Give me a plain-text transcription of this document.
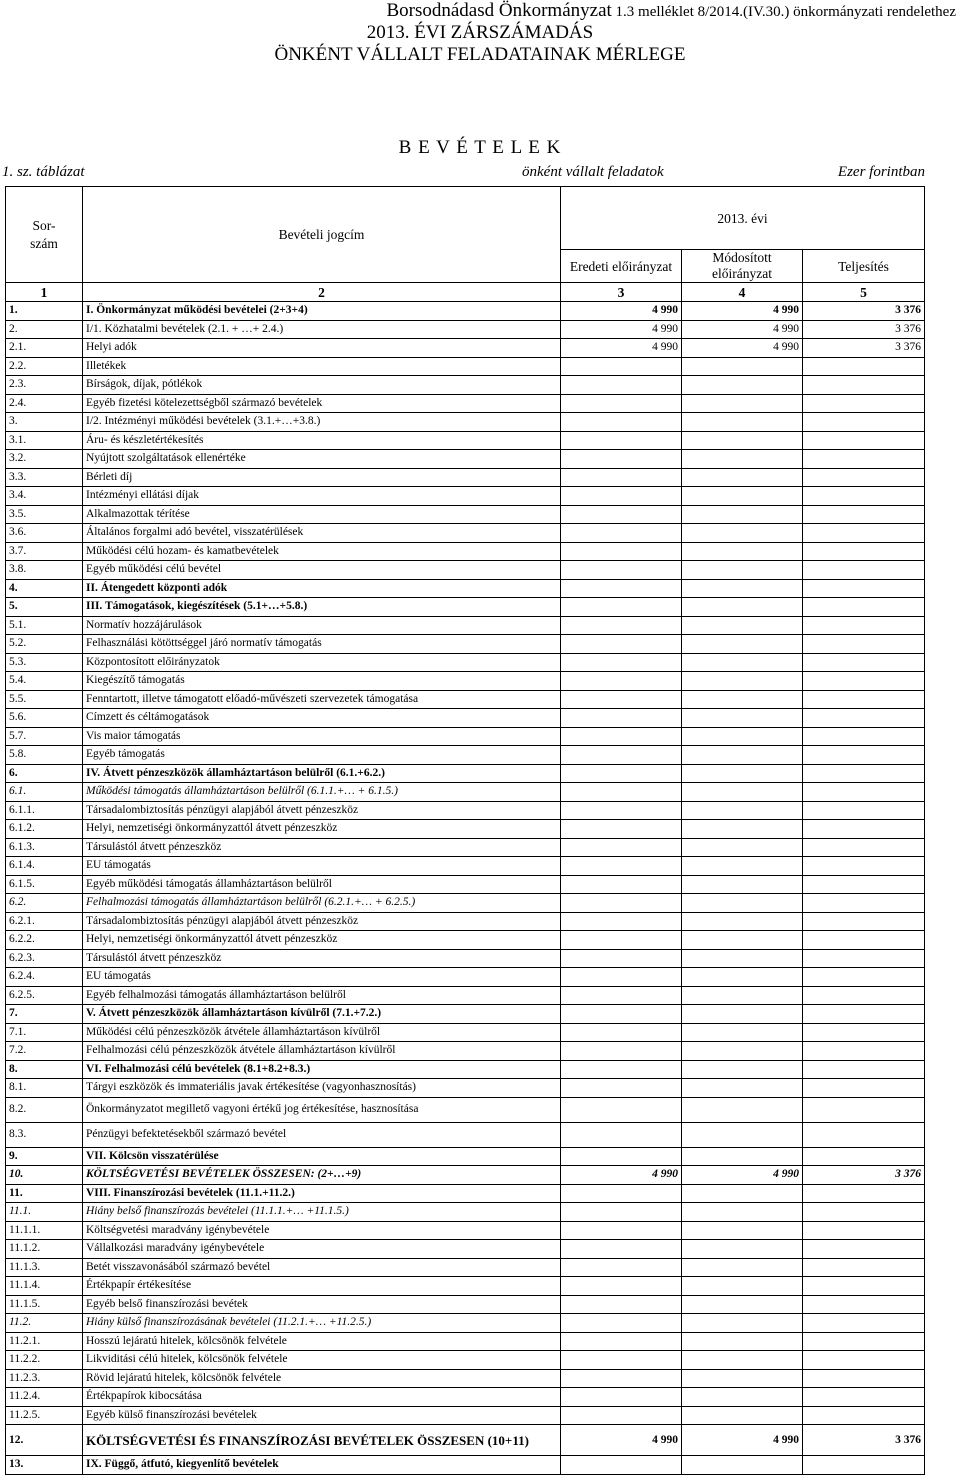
Borsodnádasd Önkormányzat 1.3 melléklet 8/2014.(IV.30.) önkormányzati rendelethez
2013. ÉVI ZÁRSZÁMADÁS
ÖNKÉNT VÁLLALT FELADATAINAK MÉRLEGE
B E V É T E L E K
1. sz. táblázat	önként vállalt feladatok	Ezer forintban
Sor-
szám	Bevételi jogcím	2013. évi		
		Eredeti előirányzat	Módosított előirányzat	Teljesítés
1	2	3	4	5
1.	I. Önkormányzat működési bevételei (2+3+4)	4 990	4 990	3 376
2.	I/1. Közhatalmi bevételek (2.1. + …+ 2.4.)	4 990	4 990	3 376
2.1.	Helyi adók	4 990	4 990	3 376
2.2.	Illetékek			
2.3.	Bírságok, díjak, pótlékok			
2.4.	Egyéb fizetési kötelezettségből származó bevételek			
3.	I/2. Intézményi működési bevételek (3.1.+…+3.8.)			
3.1.	Áru- és készletértékesítés			
3.2.	Nyújtott szolgáltatások ellenértéke			
3.3.	Bérleti díj			
3.4.	Intézményi ellátási díjak			
3.5.	Alkalmazottak térítése			
3.6.	Általános forgalmi adó bevétel, visszatérülések			
3.7.	Működési célú hozam- és kamatbevételek			
3.8.	Egyéb működési célú bevétel			
4.	II. Átengedett központi adók			
5.	III. Támogatások, kiegészítések (5.1+…+5.8.)			
5.1.	Normatív hozzájárulások			
5.2.	Felhasználási kötöttséggel járó normatív támogatás			
5.3.	Központosított előirányzatok			
5.4.	Kiegészítő támogatás			
5.5.	Fenntartott, illetve támogatott előadó-művészeti szervezetek támogatása			
5.6.	Címzett és céltámogatások			
5.7.	Vis maior támogatás			
5.8.	Egyéb támogatás			
6.	IV. Átvett pénzeszközök államháztartáson belülről (6.1.+6.2.)			
6.1.	Működési támogatás államháztartáson belülről (6.1.1.+… + 6.1.5.)			
6.1.1.	Társadalombiztosítás pénzügyi alapjából átvett pénzeszköz			
6.1.2.	Helyi, nemzetiségi önkormányzattól átvett pénzeszköz			
6.1.3.	Társulástól átvett pénzeszköz			
6.1.4.	EU támogatás			
6.1.5.	Egyéb működési támogatás államháztartáson belülről			
6.2.	Felhalmozási támogatás államháztartáson belülről (6.2.1.+… + 6.2.5.)			
6.2.1.	Társadalombiztosítás pénzügyi alapjából átvett pénzeszköz			
6.2.2.	Helyi, nemzetiségi önkormányzattól átvett pénzeszköz			
6.2.3.	Társulástól átvett pénzeszköz			
6.2.4.	EU támogatás			
6.2.5.	Egyéb felhalmozási támogatás államháztartáson belülről			
7.	V. Átvett pénzeszközök államháztartáson kívülről (7.1.+7.2.)			
7.1.	Működési célú pénzeszközök átvétele államháztartáson kívülről			
7.2.	Felhalmozási célú pénzeszközök átvétele államháztartáson kívülről			
8.	VI. Felhalmozási célú bevételek (8.1+8.2+8.3.)			
8.1.	Tárgyi eszközök és immateriális javak értékesítése (vagyonhasznosítás)			
8.2.	Önkormányzatot megillető vagyoni értékű jog értékesítése, hasznosítása			
8.3.	Pénzügyi befektetésekből származó bevétel			
9.	VII. Kölcsön visszatérülése			
10.	KÖLTSÉGVETÉSI BEVÉTELEK ÖSSZESEN: (2+…+9)	4 990	4 990	3 376
11.	VIII. Finanszírozási bevételek (11.1.+11.2.)			
11.1.	Hiány belső finanszírozás bevételei (11.1.1.+… +11.1.5.)			
11.1.1.	Költségvetési maradvány igénybevétele			
11.1.2.	Vállalkozási maradvány igénybevétele			
11.1.3.	Betét visszavonásából származó bevétel			
11.1.4.	Értékpapír értékesítése			
11.1.5.	Egyéb belső finanszírozási bevétek			
11.2.	Hiány külső finanszírozásának bevételei (11.2.1.+… +11.2.5.)			
11.2.1.	Hosszú lejáratú hitelek, kölcsönök felvétele			
11.2.2.	Likviditási célú hitelek, kölcsönök felvétele			
11.2.3.	Rövid lejáratú hitelek, kölcsönök felvétele			
11.2.4.	Értékpapírok kibocsátása			
11.2.5.	Egyéb külső finanszírozási bevételek			
12.	KÖLTSÉGVETÉSI ÉS FINANSZÍROZÁSI BEVÉTELEK ÖSSZESEN (10+11)	4 990	4 990	3 376
13.	IX. Függő, átfutó, kiegyenlítő bevételek			
